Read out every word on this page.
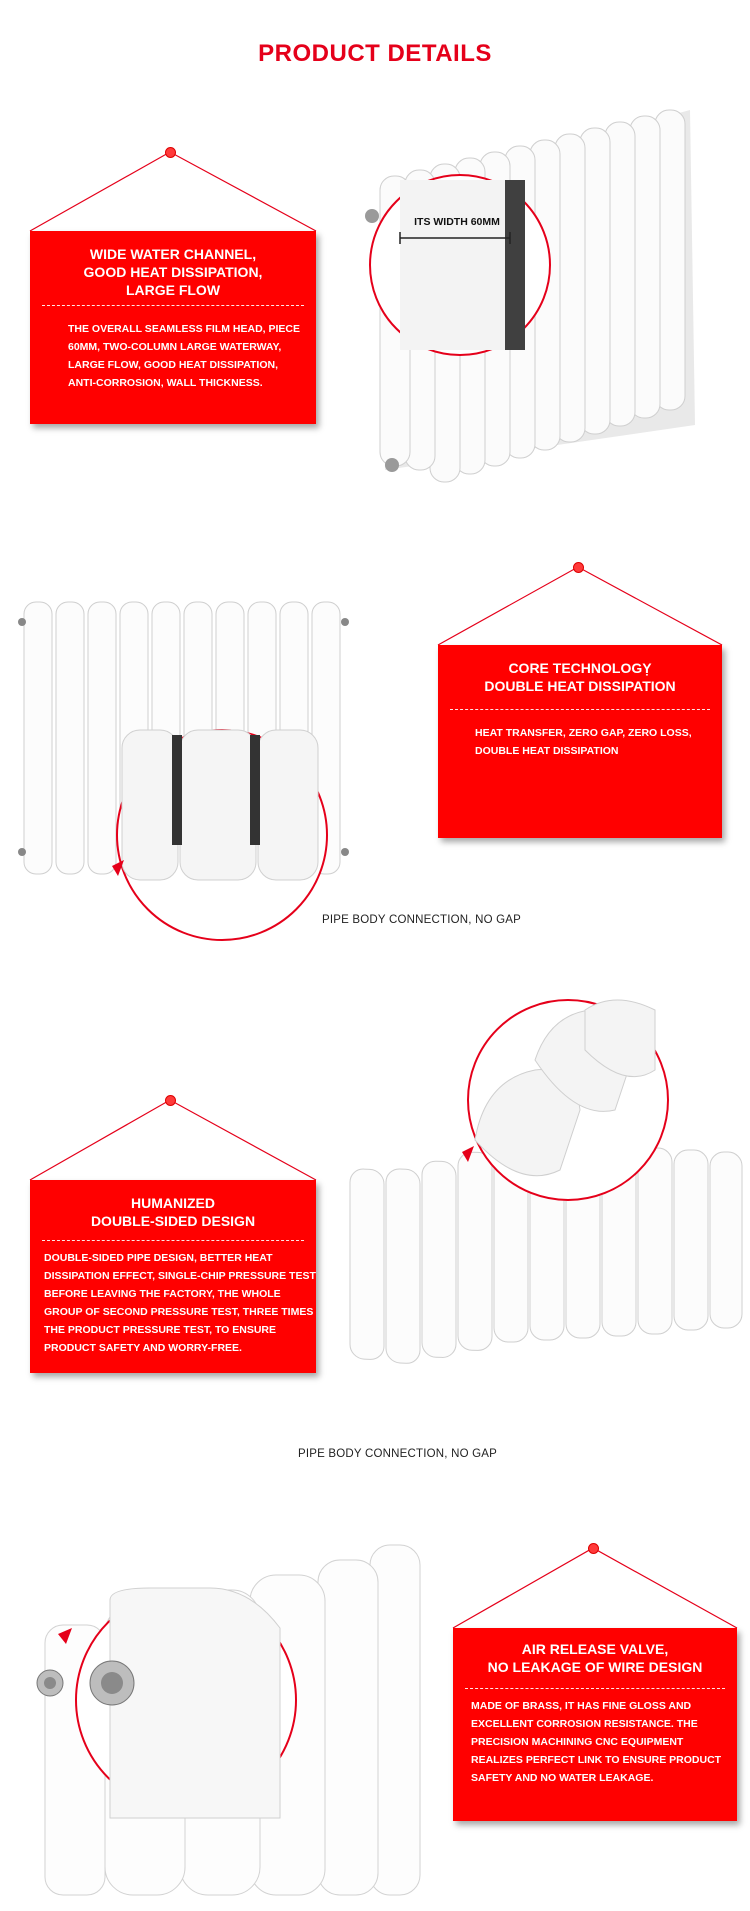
PRODUCT DETAILS
WIDE WATER CHANNEL,
GOOD HEAT DISSIPATION,
LARGE FLOW
THE OVERALL SEAMLESS FILM HEAD, PIECE
60MM, TWO-COLUMN LARGE WATERWAY,
LARGE FLOW, GOOD HEAT DISSIPATION,
ANTI-CORROSION, WALL THICKNESS.
ITS WIDTH 60MM
CORE TECHNOLOGỴ
DOUBLE HEAT DISSIPATION
HEAT TRANSFER, ZERO GAP, ZERO LOSS,
DOUBLE HEAT DISSIPATION
PIPE BODY CONNECTION, NO GAP
HUMANIZED
DOUBLE-SIDED DESIGN
DOUBLE-SIDED PIPE DESIGN, BETTER HEAT
DISSIPATION EFFECT, SINGLE-CHIP PRESSURE TEST
BEFORE LEAVING THE FACTORY, THE WHOLE
GROUP OF SECOND PRESSURE TEST, THREE TIMES
THE PRODUCT PRESSURE TEST, TO ENSURE
PRODUCT SAFETY AND WORRY-FREE.
PIPE BODY CONNECTION, NO GAP
AIR RELEASE VALVE,
NO LEAKAGE OF WIRE DESIGN
MADE OF BRASS, IT HAS FINE GLOSS AND
EXCELLENT CORROSION RESISTANCE. THE
PRECISION MACHINING CNC EQUIPMENT
REALIZES PERFECT LINK TO ENSURE PRODUCT
SAFETY AND NO WATER LEAKAGE.
